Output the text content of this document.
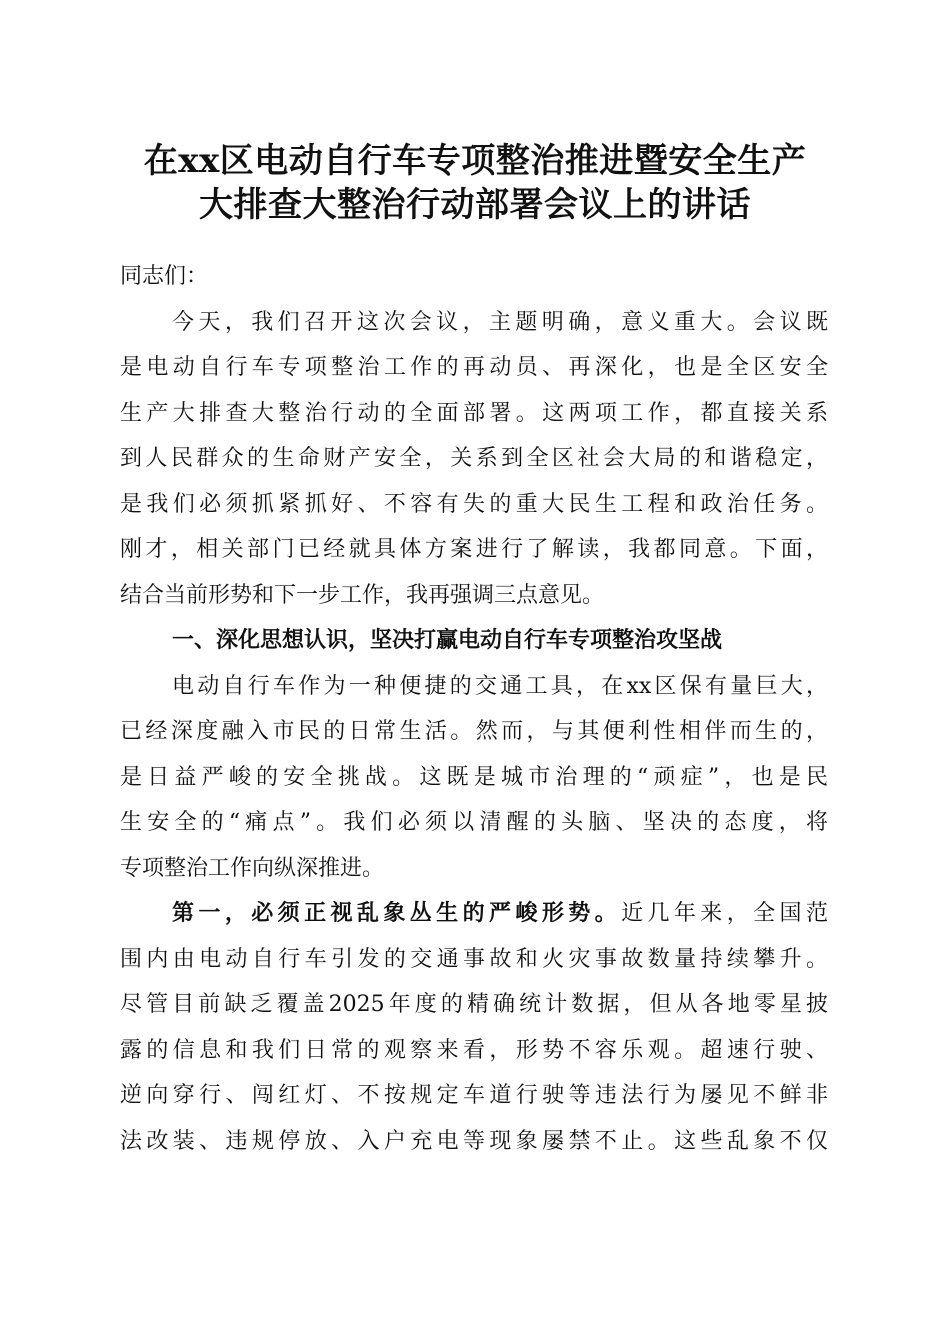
在xx区电动自行车专项整治推进暨安全生产
大排查大整治行动部署会议上的讲话
同志们：
今天，我们召开这次会议，主题明确，意义重大。会议既
是电动自行车专项整治工作的再动员、再深化，也是全区安全
生产大排查大整治行动的全面部署。这两项工作，都直接关系
到人民群众的生命财产安全，关系到全区社会大局的和谐稳定，
是我们必须抓紧抓好、不容有失的重大民生工程和政治任务。
刚才，相关部门已经就具体方案进行了解读，我都同意。下面，
结合当前形势和下一步工作，我再强调三点意见。
一、深化思想认识，坚决打赢电动自行车专项整治攻坚战
电动自行车作为一种便捷的交通工具，在xx区保有量巨大，
已经深度融入市民的日常生活。然而，与其便利性相伴而生的，
是日益严峻的安全挑战。这既是城市治理的“顽症”，也是民
生安全的“痛点”。我们必须以清醒的头脑、坚决的态度，将
专项整治工作向纵深推进。
第一，必须正视乱象丛生的严峻形势。近几年来，全国范
围内由电动自行车引发的交通事故和火灾事故数量持续攀升。
尽管目前缺乏覆盖2025年度的精确统计数据，但从各地零星披
露的信息和我们日常的观察来看，形势不容乐观。超速行驶、
逆向穿行、闯红灯、不按规定车道行驶等违法行为屡见不鲜非
法改装、违规停放、入户充电等现象屡禁不止。这些乱象不仅
